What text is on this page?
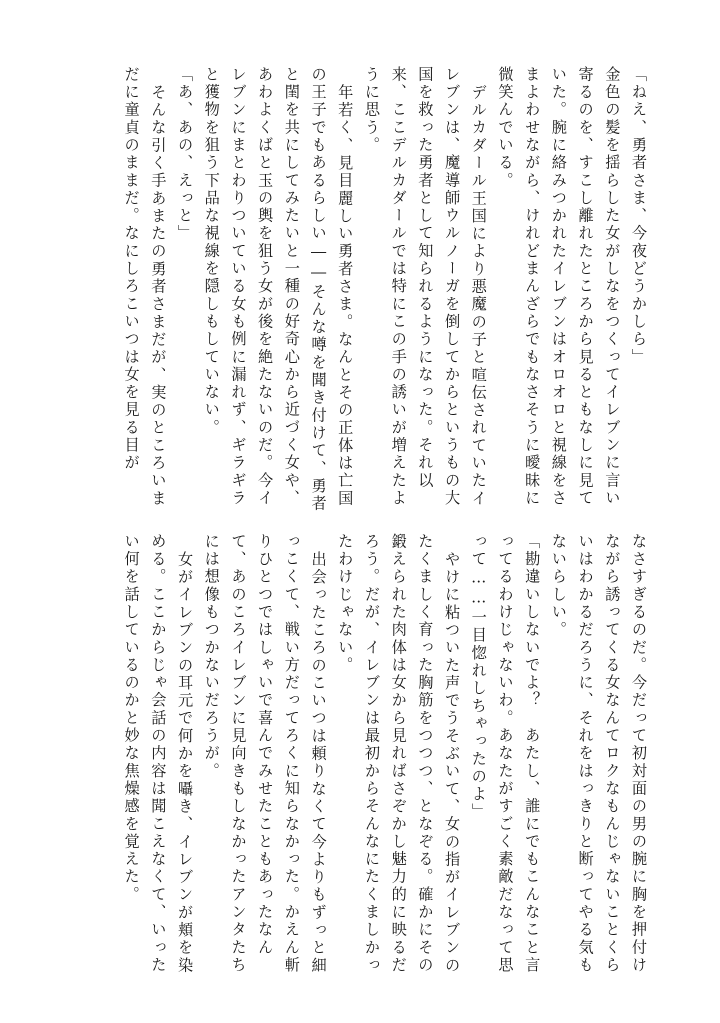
「ねえ、勇者さま、今夜どうかしら」
金色の髪を揺らした女がしなをつくってイレブンに言い寄るのを、すこし離れたところから見るともなしに見ていた。腕に絡みつかれたイレブンはオロオロと視線をさまよわせながら、けれどまんざらでもなさそうに曖昧に微笑んでいる。
デルカダール王国により悪魔の子と喧伝されていたイレブンは、魔導師ウルノーガを倒してからというもの大国を救った勇者として知られるようになった。それ以来、ここデルカダールでは特にこの手の誘いが増えたように思う。
年若く、見目麗しい勇者さま。なんとその正体は亡国の王子でもあるらしい――そんな噂を聞き付けて、勇者と閨を共にしてみたいと一種の好奇心から近づく女や、あわよくばと玉の輿を狙う女が後を絶たないのだ。今イレブンにまとわりついている女も例に漏れず、ギラギラと獲物を狙う下品な視線を隠しもしていない。
「あ、あの、えっと」
そんな引く手あまたの勇者さまだが、実のところいまだに童貞のままだ。なにしろこいつは女を見る目が
なさすぎるのだ。今だって初対面の男の腕に胸を押付けながら誘ってくる女なんてロクなもんじゃないことくらいはわかるだろうに、それをはっきりと断ってやる気もないらしい。
「勘違いしないでよ？　あたし、誰にでもこんなこと言ってるわけじゃないわ。あなたがすごく素敵だなって思って……一目惚れしちゃったのよ」
やけに粘ついた声でうそぶいて、女の指がイレブンのたくましく育った胸筋をつつつ、となぞる。確かにその鍛えられた肉体は女から見ればさぞかし魅力的に映るだろう。だが、イレブンは最初からそんなにたくましかったわけじゃない。
出会ったころのこいつは頼りなくて今よりもずっと細っこくて、戦い方だってろくに知らなかった。かえん斬りひとつではしゃいで喜んでみせたこともあったなんて、あのころイレブンに見向きもしなかったアンタたちには想像もつかないだろうが。
女がイレブンの耳元で何かを囁き、イレブンが頬を染める。ここからじゃ会話の内容は聞こえなくて、いったい何を話しているのかと妙な焦燥感を覚えた。
